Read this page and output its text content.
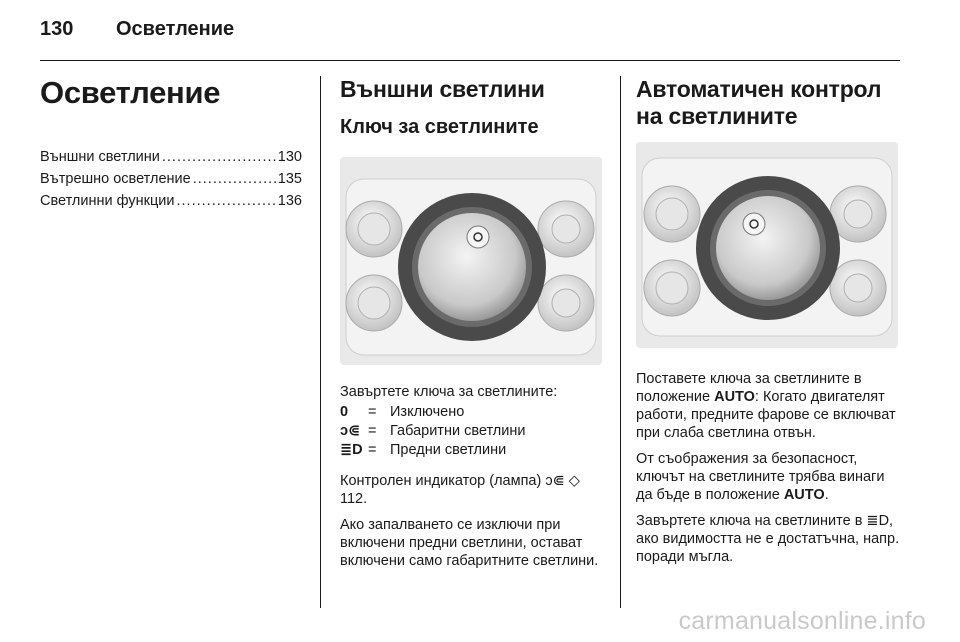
130	Осветление
Осветление
Външни светлини .....	130
Вътрешно осветление .....	135
Светлинни функции .....	136
Външни светлини
Ключ за светлините
0

Завъртете ключа за светлините:

0	= Изключено
ᴐ⋐ = Габаритни светлини
≣D = Предни светлини

Контролен индикатор (лампа) ᴐ⋐ ◇ 112.

Ако запалването се изключи при включени предни светлини, остават включени само габаритните светлини.

Автоматичен контрол на светлините

Поставете ключа за светлините в положение AUTO: Когато двигателят работи, предните фарове се включват при слаба светлина отвън.

От съображения за безопасност, ключът на светлините трябва винаги да бъде в положение AUTO.

Завъртете ключа на светлините в ≣D, ако видимостта не е достатъчна, напр. поради мъгла.

carmanualsonline.info
